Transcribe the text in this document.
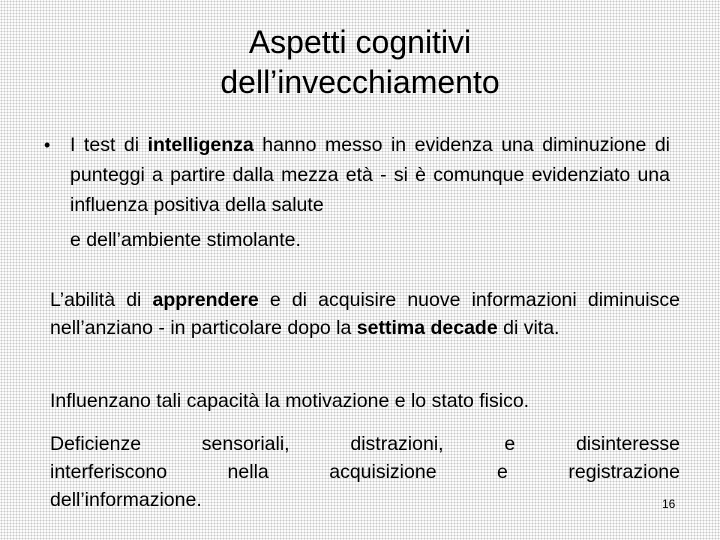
Aspetti cognitivi
dell’invecchiamento
• I test di intelligenza hanno messo in evidenza una diminuzione di punteggi a partire dalla mezza età - si è comunque evidenziato una influenza positiva della salute
e dell’ambiente stimolante.
L’abilità di apprendere e di acquisire nuove informazioni diminuisce nell’anziano - in particolare dopo la settima decade di vita.
Influenzano tali capacità la motivazione e lo stato fisico.
Deficienze sensoriali, distrazioni, e disinteresse
interferiscono nella acquisizione e registrazione
dell’informazione.	16
